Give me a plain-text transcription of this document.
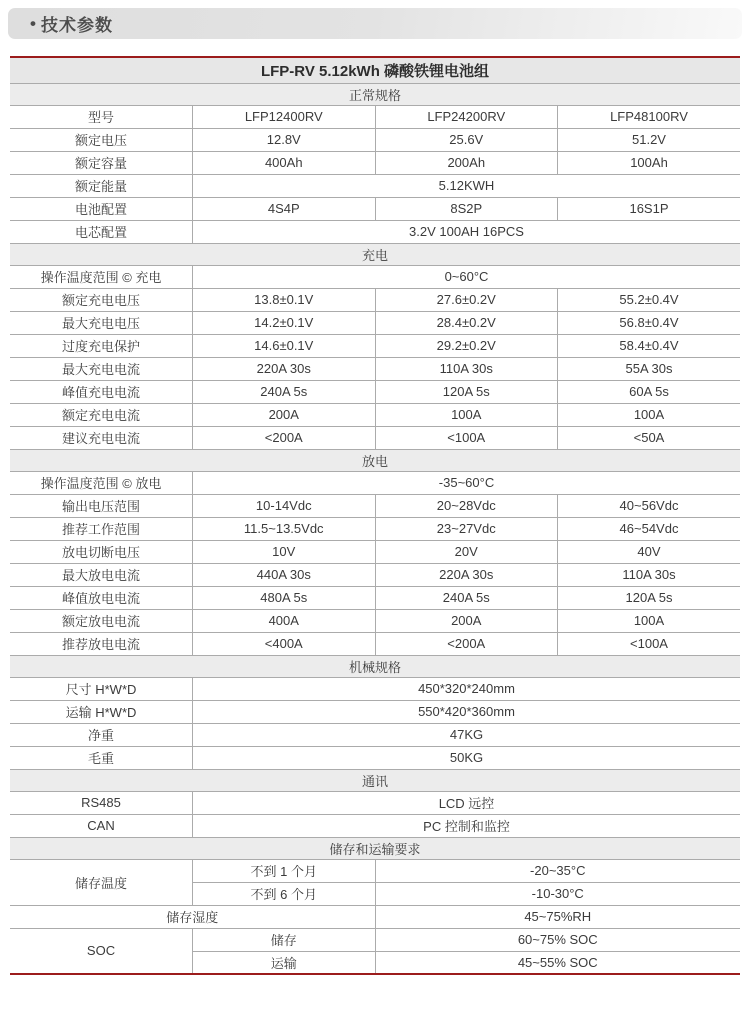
• 技术参数
LFP-RV 5.12kWh 磷酸铁锂电池组			
正常规格			
型号	LFP12400RV	LFP24200RV	LFP48100RV
额定电压	12.8V	25.6V	51.2V
额定容量	400Ah	200Ah	100Ah
额定能量	5.12KWH		
电池配置	4S4P	8S2P	16S1P
电芯配置	3.2V 100AH 16PCS		
充电			
操作温度范围 © 充电	0~60°C		
额定充电电压	13.8±0.1V	27.6±0.2V	55.2±0.4V
最大充电电压	14.2±0.1V	28.4±0.2V	56.8±0.4V
过度充电保护	14.6±0.1V	29.2±0.2V	58.4±0.4V
最大充电电流	220A 30s	110A 30s	55A 30s
峰值充电电流	240A 5s	120A 5s	60A 5s
额定充电电流	200A	100A	100A
建议充电电流	<200A	<100A	<50A
放电			
操作温度范围 © 放电	-35~60°C		
输出电压范围	10-14Vdc	20~28Vdc	40~56Vdc
推荐工作范围	11.5~13.5Vdc	23~27Vdc	46~54Vdc
放电切断电压	10V	20V	40V
最大放电电流	440A 30s	220A 30s	110A 30s
峰值放电电流	480A 5s	240A 5s	120A 5s
额定放电电流	400A	200A	100A
推荐放电电流	<400A	<200A	<100A
机械规格			
尺寸 H*W*D	450*320*240mm		
运输 H*W*D	550*420*360mm		
净重	47KG		
毛重	50KG		
通讯			
RS485	LCD 远控		
CAN	PC 控制和监控		
储存和运输要求			
储存温度	不到 1 个月	-20~35°C	
	不到 6 个月	-10-30°C	
储存湿度		45~75%RH	
SOC	储存	60~75% SOC	
	运输	45~55% SOC	
